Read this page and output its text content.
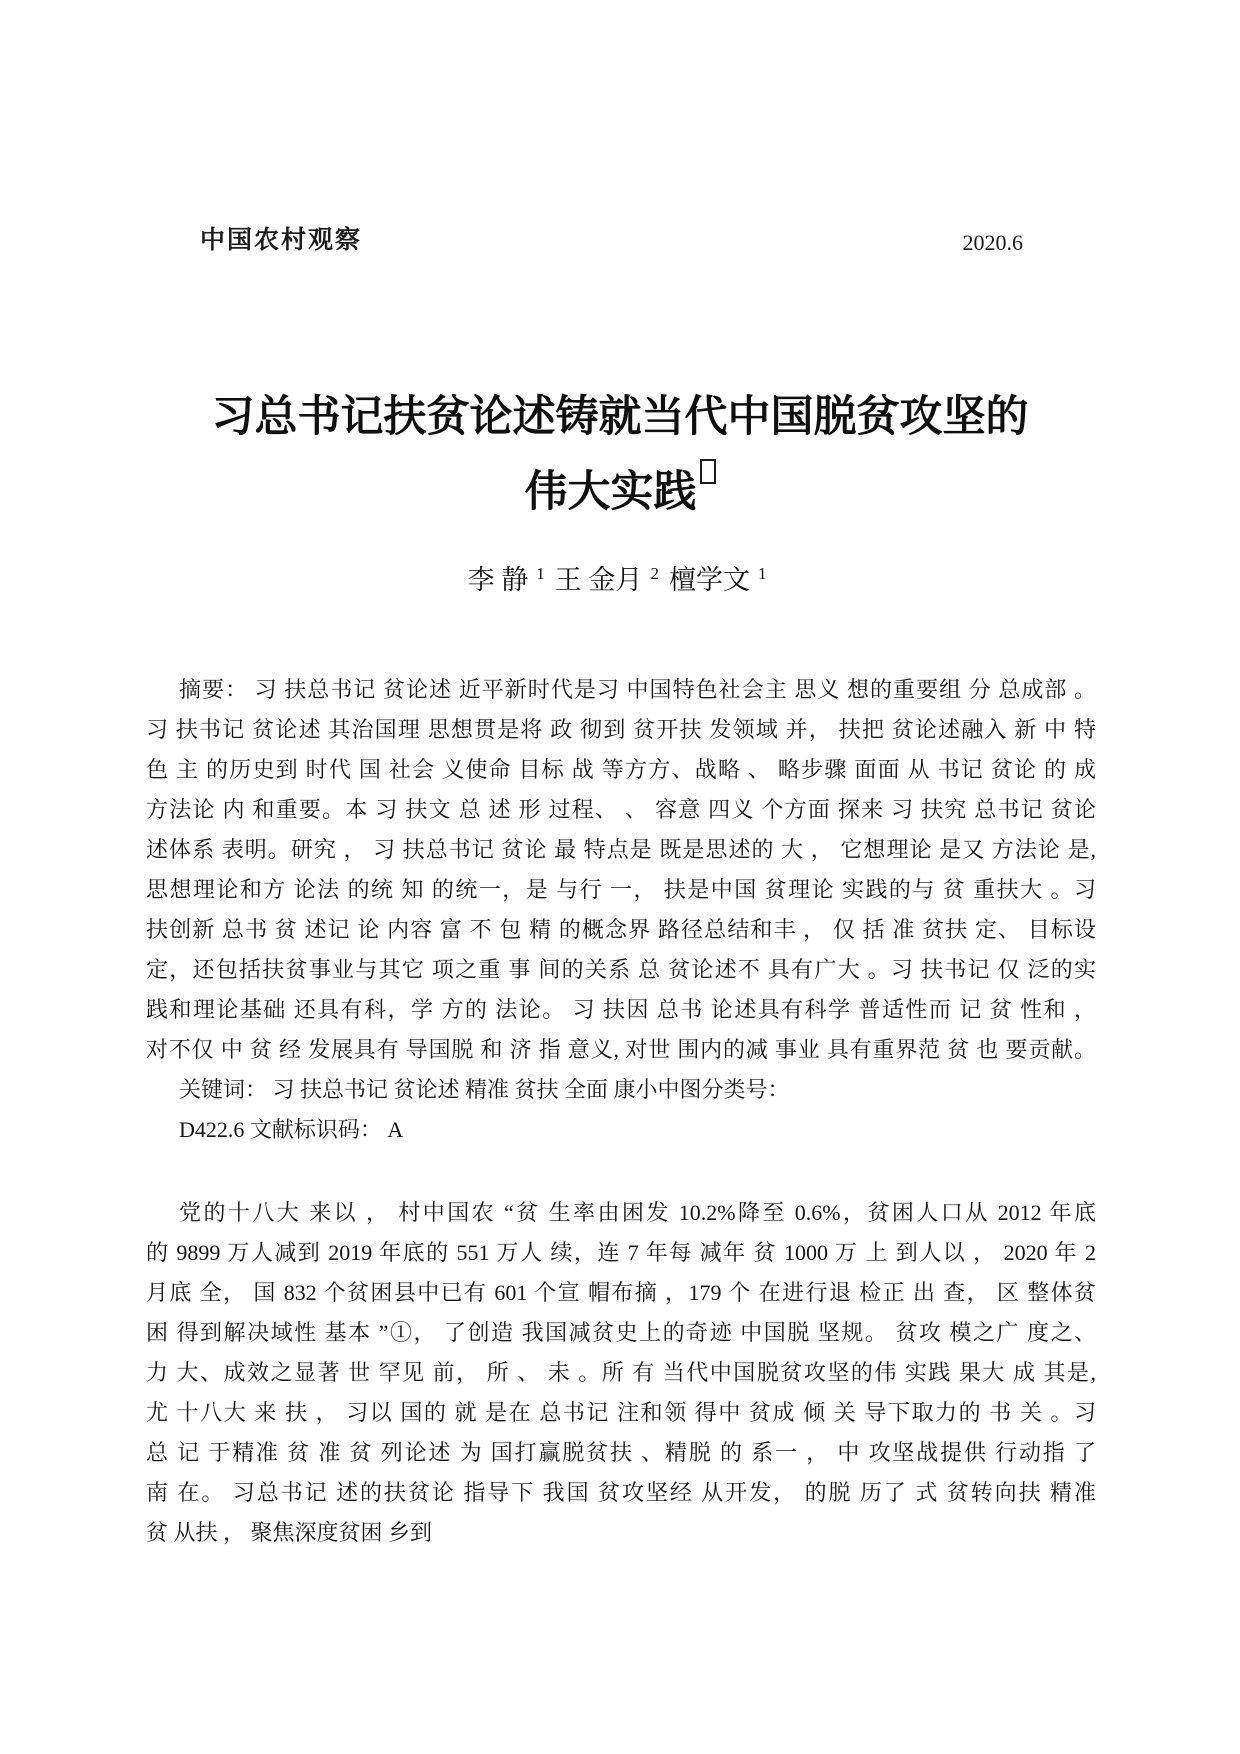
中国农村观察	2020.6
习总书记扶贫论述铸就当代中国脱贫攻坚的
伟大实践
李 静 $^1$ 王 金月 $^2$ 檀学文 $^1$
摘要： 习 扶总书记 贫论述 近平新时代是习 中国特色社会主 思义 想的重要组 分 总成部 。
习 扶书记 贫论述 其治国理 思想贯是将 政 彻到 贫开扶 发领域 并， 扶把 贫论述融入 新 中 特
色 主 的历史到 时代 国 社会 义使命 目标 战 等方方、战略 、 略步骤 面面 从 书记 贫论 的 成
方法论 内 和重要。本 习 扶文 总 述 形 过程、 、 容意 四义 个方面 探来 习 扶究 总书记 贫论
述体系 表明。研究 ， 习 扶总书记 贫论 最 特点是 既是思述的 大 ， 它想理论 是又 方法论 是,
思想理论和方 论法 的统 知 的统一，是 与行 一， 扶是中国 贫理论 实践的与 贫 重扶大 。习
扶创新 总书 贫 述记 论 内容 富 不 包 精 的概念界 路径总结和丰 ， 仅 括 准 贫扶 定、 目标设
定，还包括扶贫事业与其它 项之重 事 间的关系 总 贫论述不 具有广大 。习 扶书记 仅 泛的实
践和理论基础 还具有科，学 方的 法论。 习 扶因 总书 论述具有科学 普适性而 记 贫 性和 ，
对不仅 中 贫 经 发展具有 导国脱 和 济 指 意义, 对世 围内的减 事业 具有重界范 贫 也 要贡献。
关键词： 习 扶总书记 贫论述 精准 贫扶 全面 康小中图分类号：
D422.6 文献标识码： A
党的十八大 来以 ， 村中国农 “贫 生率由困发 10.2%降至 0.6%，贫困人口从 2012 年底
的 9899 万人减到 2019 年底的 551 万人 续，连 7 年每 减年 贫 1000 万 上 到人以 ， 2020 年 2
月底 全， 国 832 个贫困县中已有 601 个宣 帽布摘 ，179 个 在进行退 检正 出 查， 区 整体贫
困 得到解决域性 基本 ”①， 了创造 我国减贫史上的奇迹 中国脱 坚规。 贫攻 模之广 度之、
力 大、成效之显著 世 罕见 前， 所 、 未 。所 有 当代中国脱贫攻坚的伟 实践 果大 成 其是,
尤 十八大 来 扶 ， 习以 国的 就 是在 总书记 注和领 得中 贫成 倾 关 导下取力的 书 关 。习
总 记 于精准 贫 准 贫 列论述 为 国打赢脱贫扶 、精脱 的 系一 ， 中 攻坚战提供 行动指 了
南 在。 习总书记 述的扶贫论 指导下 我国 贫攻坚经 从开发， 的脱 历了 式 贫转向扶 精准
贫 从扶 ， 聚焦深度贫困 乡到
